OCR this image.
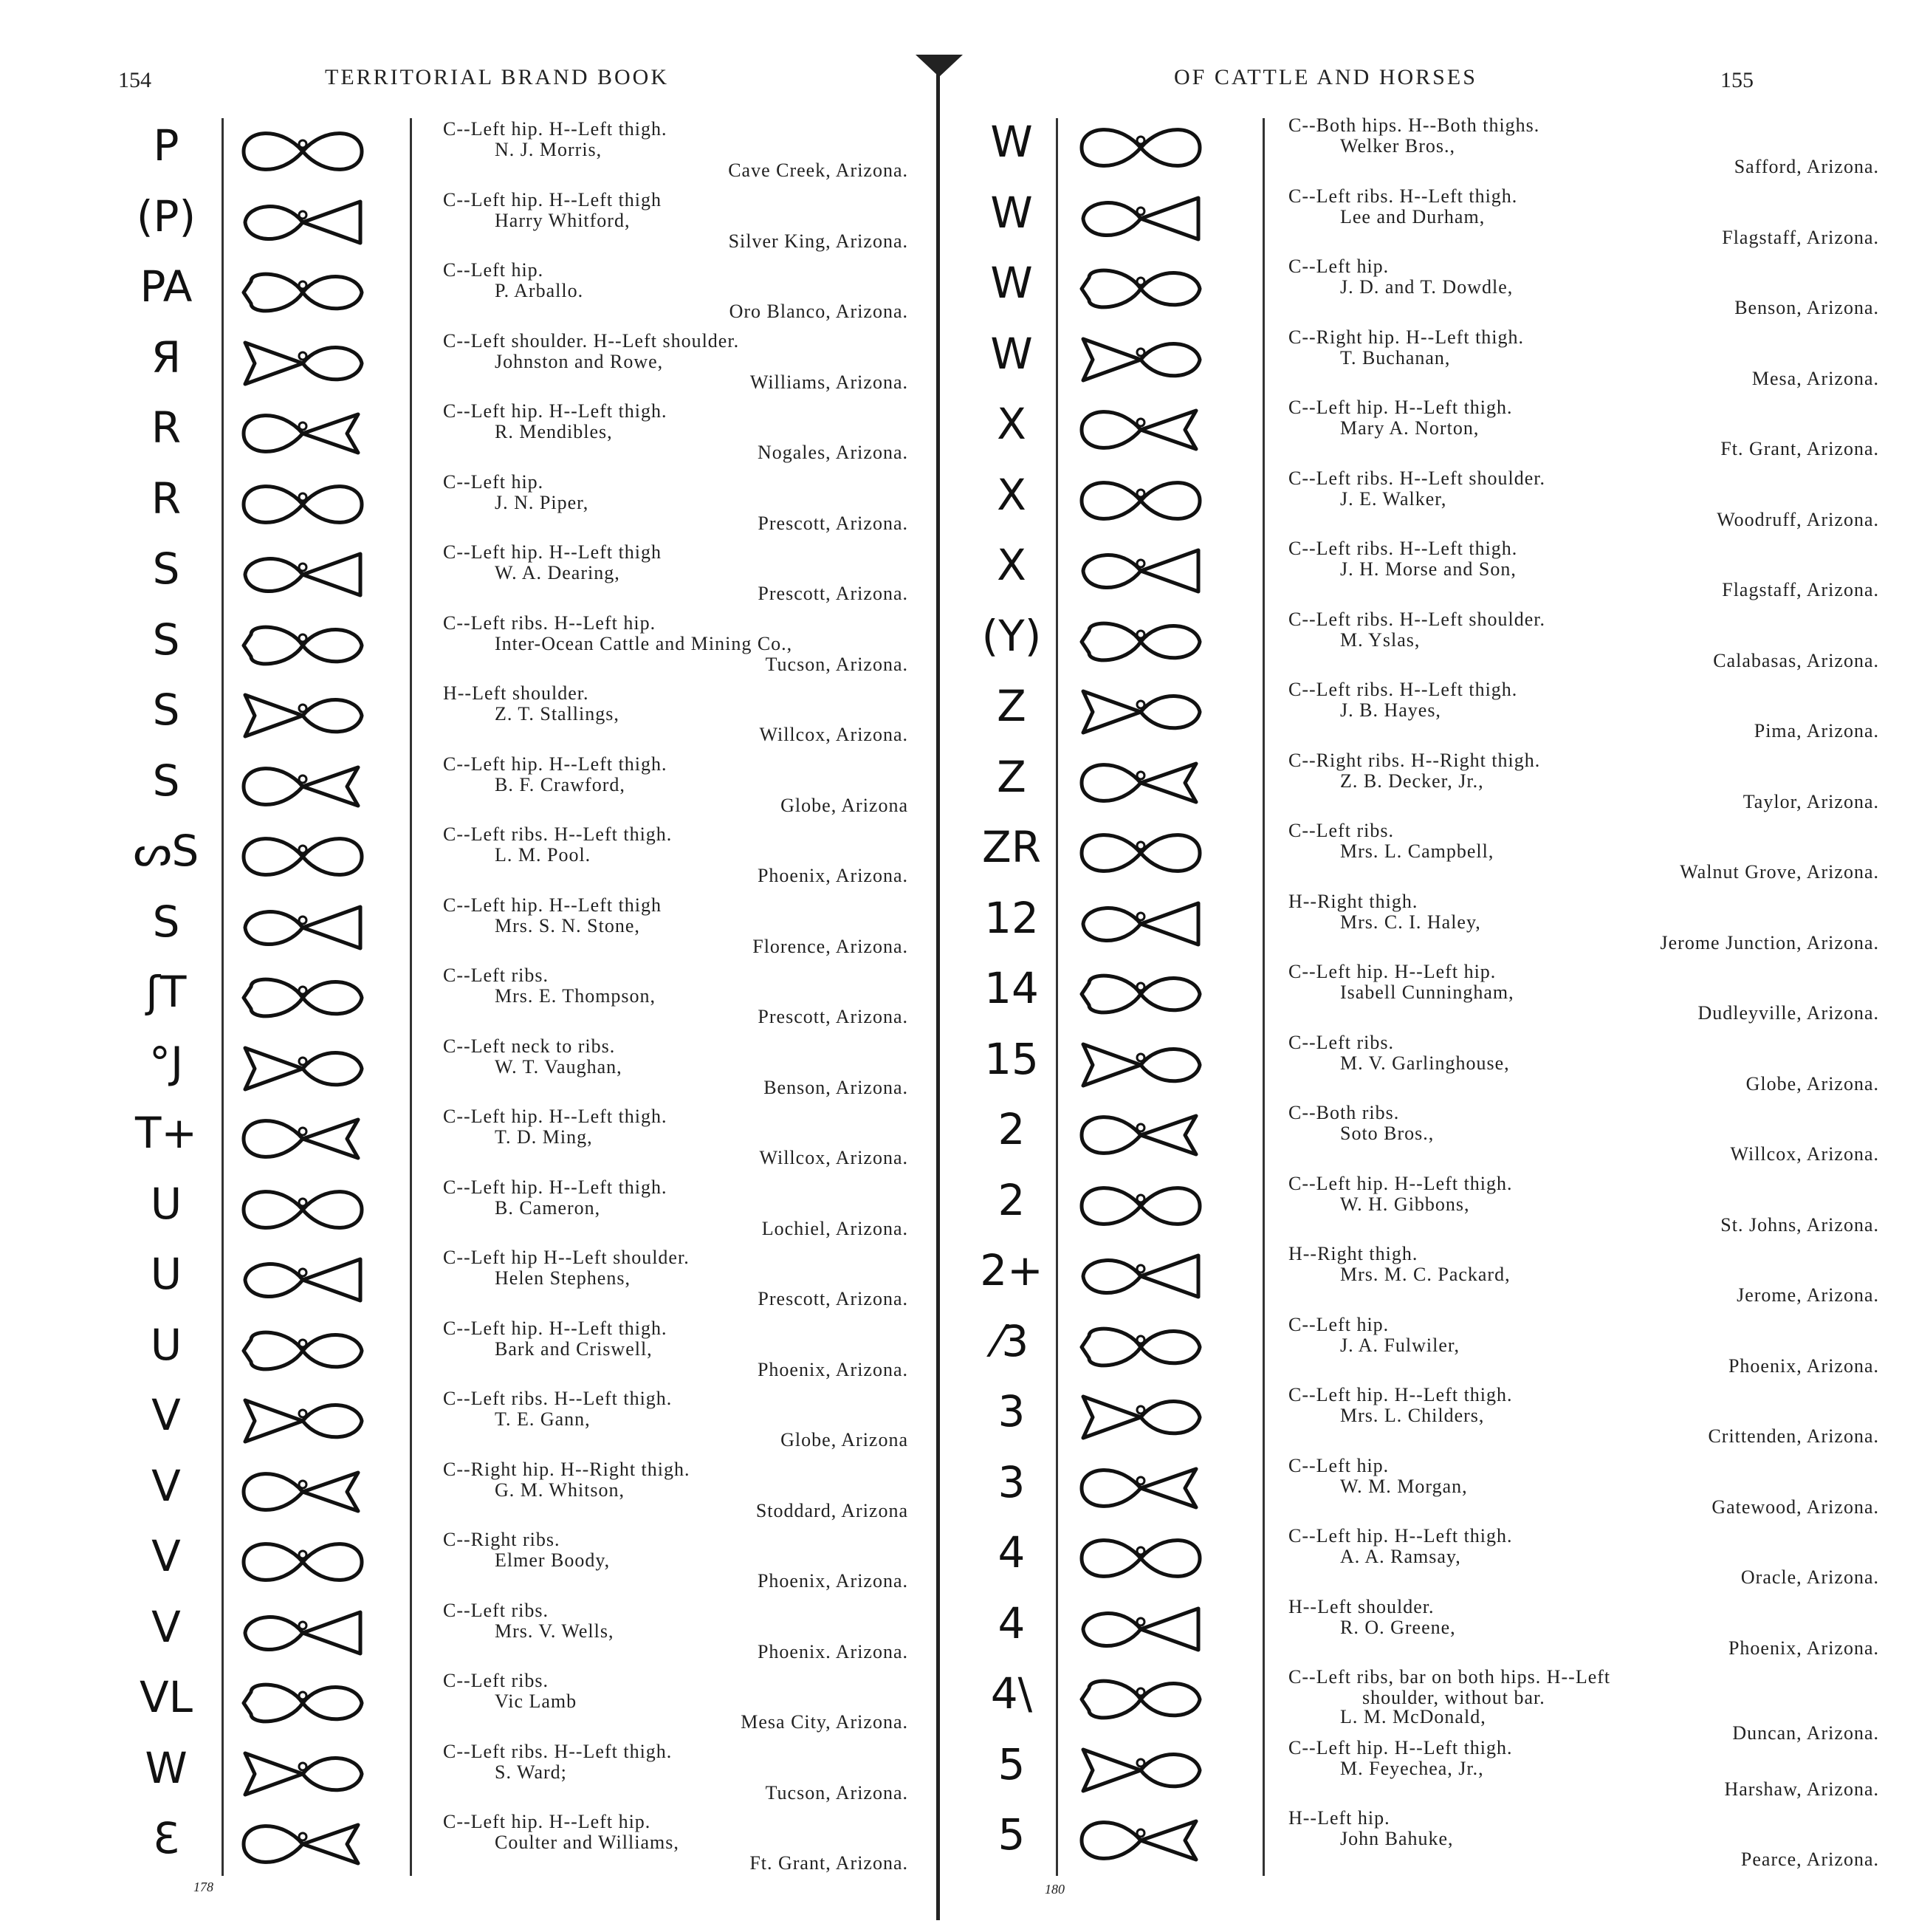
154	TERRITORIAL BRAND BOOK
P	C--Left hip. H--Left thigh.
N. J. Morris,
Cave Creek, Arizona.
(P)	C--Left hip. H--Left thigh
Harry Whitford,
Silver King, Arizona.
PA	C--Left hip.
P. Arballo.
Oro Blanco, Arizona.
Я	C--Left shoulder. H--Left shoulder.
Johnston and Rowe,
Williams, Arizona.
R	C--Left hip. H--Left thigh.
R. Mendibles,
Nogales, Arizona.
R	C--Left hip.
J. N. Piper,
Prescott, Arizona.
S	C--Left hip. H--Left thigh
W. A. Dearing,
Prescott, Arizona.
S	C--Left ribs. H--Left hip.
Inter-Ocean Cattle and Mining Co.,
Tucson, Arizona.
S	H--Left shoulder.
Z. T. Stallings,
Willcox, Arizona.
S	C--Left hip. H--Left thigh.
B. F. Crawford,
Globe, Arizona
ᔕS	C--Left ribs. H--Left thigh.
L. M. Pool.
Phoenix, Arizona.
S	C--Left hip. H--Left thigh
Mrs. S. N. Stone,
Florence, Arizona.
ʃT	C--Left ribs.
Mrs. E. Thompson,
Prescott, Arizona.
°J	C--Left neck to ribs.
W. T. Vaughan,
Benson, Arizona.
T+	C--Left hip. H--Left thigh.
T. D. Ming,
Willcox, Arizona.
U	C--Left hip. H--Left thigh.
B. Cameron,
Lochiel, Arizona.
U	C--Left hip H--Left shoulder.
Helen Stephens,
Prescott, Arizona.
U	C--Left hip. H--Left thigh.
Bark and Criswell,
Phoenix, Arizona.
V	C--Left ribs. H--Left thigh.
T. E. Gann,
Globe, Arizona
V	C--Right hip. H--Right thigh.
G. M. Whitson,
Stoddard, Arizona
V	C--Right ribs.
Elmer Boody,
Phoenix, Arizona.
V	C--Left ribs.
Mrs. V. Wells,
Phoenix. Arizona.
VL	C--Left ribs.
Vic Lamb
Mesa City, Arizona.
W	C--Left ribs. H--Left thigh.
S. Ward;
Tucson, Arizona.
Ɛ	C--Left hip. H--Left hip.
Coulter and Williams,
Ft. Grant, Arizona.
178
OF CATTLE AND HORSES	155
W	C--Both hips. H--Both thighs.
Welker Bros.,
Safford, Arizona.
W	C--Left ribs. H--Left thigh.
Lee and Durham,
Flagstaff, Arizona.
W	C--Left hip.
J. D. and T. Dowdle,
Benson, Arizona.
W	C--Right hip. H--Left thigh.
T. Buchanan,
Mesa, Arizona.
X	C--Left hip. H--Left thigh.
Mary A. Norton,
Ft. Grant, Arizona.
X	C--Left ribs. H--Left shoulder.
J. E. Walker,
Woodruff, Arizona.
X	C--Left ribs. H--Left thigh.
J. H. Morse and Son,
Flagstaff, Arizona.
(Y)	C--Left ribs. H--Left shoulder.
M. Yslas,
Calabasas, Arizona.
Z	C--Left ribs. H--Left thigh.
J. B. Hayes,
Pima, Arizona.
Z	C--Right ribs. H--Right thigh.
Z. B. Decker, Jr.,
Taylor, Arizona.
ZR	C--Left ribs.
Mrs. L. Campbell,
Walnut Grove, Arizona.
12	H--Right thigh.
Mrs. C. I. Haley,
Jerome Junction, Arizona.
14	C--Left hip. H--Left hip.
Isabell Cunningham,
Dudleyville, Arizona.
15	C--Left ribs.
M. V. Garlinghouse,
Globe, Arizona.
2	C--Both ribs.
Soto Bros.,
Willcox, Arizona.
2	C--Left hip. H--Left thigh.
W. H. Gibbons,
St. Johns, Arizona.
2+	H--Right thigh.
Mrs. M. C. Packard,
Jerome, Arizona.
⁄3	C--Left hip.
J. A. Fulwiler,
Phoenix, Arizona.
3	C--Left hip. H--Left thigh.
Mrs. L. Childers,
Crittenden, Arizona.
3	C--Left hip.
W. M. Morgan,
Gatewood, Arizona.
4	C--Left hip. H--Left thigh.
A. A. Ramsay,
Oracle, Arizona.
4	H--Left shoulder.
R. O. Greene,
Phoenix, Arizona.
4\	C--Left ribs, bar on both hips. H--Left
shoulder, without bar.
L. M. McDonald,
Duncan, Arizona.
5	C--Left hip. H--Left thigh.
M. Feyechea, Jr.,
Harshaw, Arizona.
5	H--Left hip.
John Bahuke,
Pearce, Arizona.
180
